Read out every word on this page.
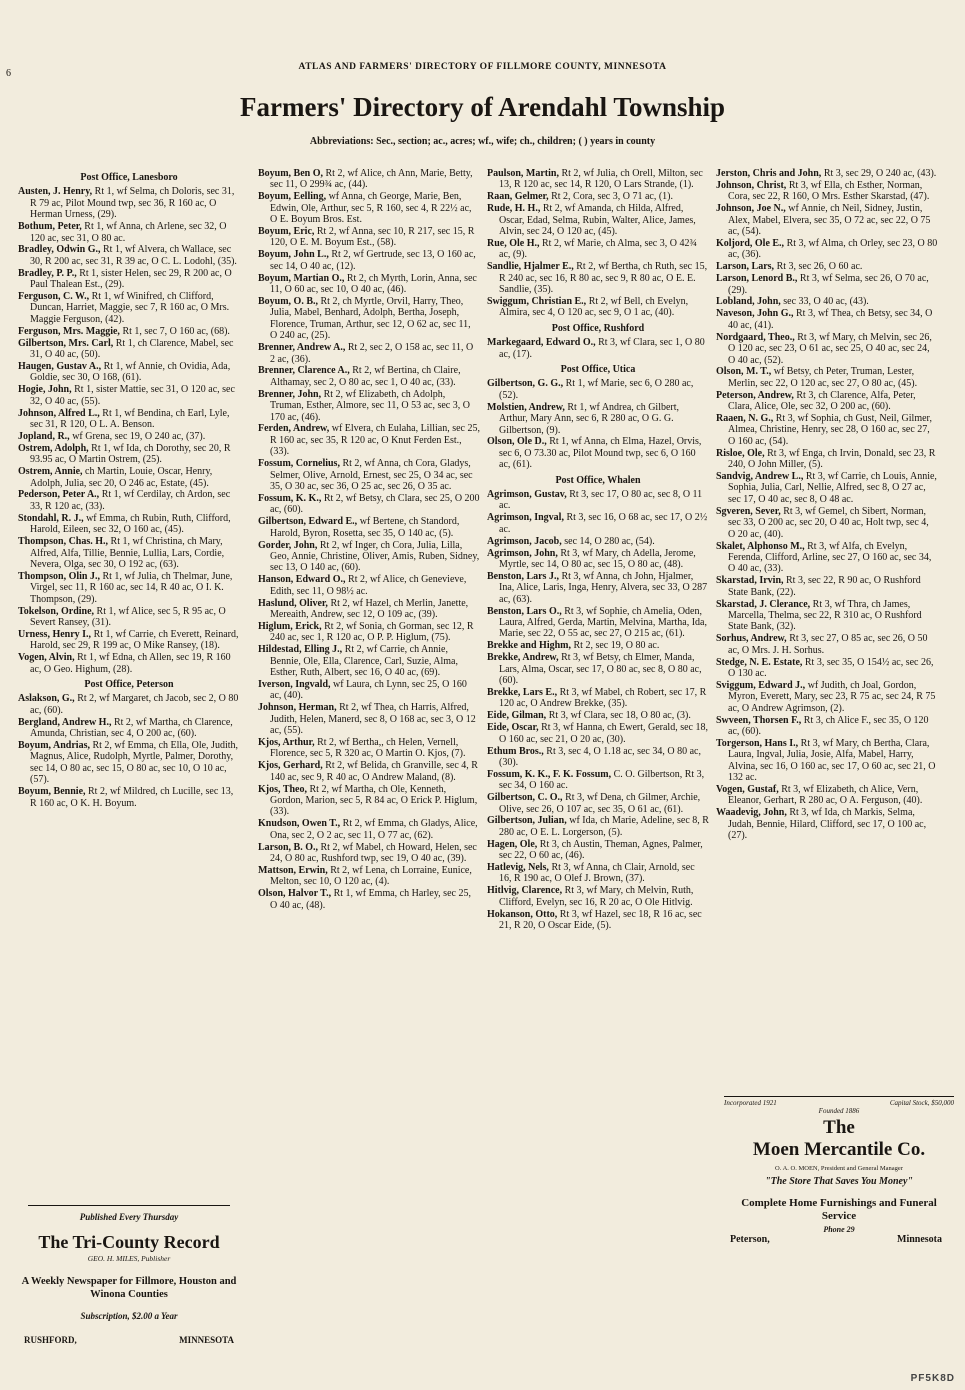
6
ATLAS AND FARMERS' DIRECTORY OF FILLMORE COUNTY, MINNESOTA
Farmers' Directory of Arendahl Township
Abbreviations: Sec., section; ac., acres; wf., wife; ch., children; ( ) years in county
Post Office, Lanesboro
Austen, J. Henry, Rt 1, wf Selma, ch Doloris, sec 31, R 79 ac, Pilot Mound twp, sec 36, R 160 ac, O Herman Urness, (29).
Bothum, Peter, Rt 1, wf Anna, ch Arlene, sec 32, O 120 ac, sec 31, O 80 ac.
Bradley, Odwin G., Rt 1, wf Alvera, ch Wallace, sec 30, R 200 ac, sec 31, R 39 ac, O C. L. Lodohl, (35).
Bradley, P. P., Rt 1, sister Helen, sec 29, R 200 ac, O Paul Thalean Est., (29).
Ferguson, C. W., Rt 1, wf Winifred, ch Clifford, Duncan, Harriet, Maggie, sec 7, R 160 ac, O Mrs. Maggie Ferguson, (42).
Ferguson, Mrs. Maggie, Rt 1, sec 7, O 160 ac, (68).
Gilbertson, Mrs. Carl, Rt 1, ch Clarence, Mabel, sec 31, O 40 ac, (50).
Haugen, Gustav A., Rt 1, wf Annie, ch Ovidia, Ada, Goldie, sec 30, O 168, (61).
Hogie, John, Rt 1, sister Mattie, sec 31, O 120 ac, sec 32, O 40 ac, (55).
Johnson, Alfred L., Rt 1, wf Bendina, ch Earl, Lyle, sec 31, R 120, O L. A. Benson.
Jopland, R., wf Grena, sec 19, O 240 ac, (37).
Ostrem, Adolph, Rt 1, wf Ida, ch Dorothy, sec 20, R 93.95 ac, O Martin Ostrem, (25).
Ostrem, Annie, ch Martin, Louie, Oscar, Henry, Adolph, Julia, sec 20, O 246 ac, Estate, (45).
Pederson, Peter A., Rt 1, wf Cerdilay, ch Ardon, sec 33, R 120 ac, (33).
Stondahl, R. J., wf Emma, ch Rubin, Ruth, Clifford, Harold, Eileen, sec 32, O 160 ac, (45).
Thompson, Chas. H., Rt 1, wf Christina, ch Mary, Alfred, Alfa, Tillie, Bennie, Lullia, Lars, Cordie, Nevera, Olga, sec 30, O 192 ac, (63).
Thompson, Olin J., Rt 1, wf Julia, ch Thelmar, June, Virgel, sec 11, R 160 ac, sec 14, R 40 ac, O I. K. Thompson, (29).
Tokelson, Ordine, Rt 1, wf Alice, sec 5, R 95 ac, O Severt Ransey, (31).
Urness, Henry I., Rt 1, wf Carrie, ch Everett, Reinard, Harold, sec 29, R 199 ac, O Mike Ransey, (18).
Vogen, Alvin, Rt 1, wf Edna, ch Allen, sec 19, R 160 ac, O Geo. Highum, (28).
Post Office, Peterson
Aslakson, G., Rt 2, wf Margaret, ch Jacob, sec 2, O 80 ac, (60).
Bergland, Andrew H., Rt 2, wf Martha, ch Clarence, Amunda, Christian, sec 4, O 200 ac, (60).
Boyum, Andrias, Rt 2, wf Emma, ch Ella, Ole, Judith, Magnus, Alice, Rudolph, Myrtle, Palmer, Dorothy, sec 14, O 80 ac, sec 15, O 80 ac, sec 10, O 10 ac, (57).
Boyum, Bennie, Rt 2, wf Mildred, ch Lucille, sec 13, R 160 ac, O K. H. Boyum.
Boyum, Ben O, Rt 2, wf Alice, ch Ann, Marie, Betty, sec 11, O 299¾ ac, (44).
Boyum, Eelling, wf Anna, ch George, Marie, Ben, Edwin, Ole, Arthur, sec 5, R 160, sec 4, R 22½ ac, O E. Boyum Bros. Est.
Boyum, Eric, Rt 2, wf Anna, sec 10, R 217, sec 15, R 120, O E. M. Boyum Est., (58).
Boyum, John L., Rt 2, wf Gertrude, sec 13, O 160 ac, sec 14, O 40 ac, (12).
Boyum, Martian O., Rt 2, ch Myrth, Lorin, Anna, sec 11, O 60 ac, sec 10, O 40 ac, (46).
Boyum, O. B., Rt 2, ch Myrtle, Orvil, Harry, Theo, Julia, Mabel, Benhard, Adolph, Bertha, Joseph, Florence, Truman, Arthur, sec 12, O 62 ac, sec 11, O 240 ac, (25).
Brenner, Andrew A., Rt 2, sec 2, O 158 ac, sec 11, O 2 ac, (36).
Brenner, Clarence A., Rt 2, wf Bertina, ch Claire, Althamay, sec 2, O 80 ac, sec 1, O 40 ac, (33).
Brenner, John, Rt 2, wf Elizabeth, ch Adolph, Truman, Esther, Almore, sec 11, O 53 ac, sec 3, O 170 ac, (46).
Ferden, Andrew, wf Elvera, ch Eulaha, Lillian, sec 25, R 160 ac, sec 35, R 120 ac, O Knut Ferden Est., (33).
Fossum, Cornelius, Rt 2, wf Anna, ch Cora, Gladys, Selmer, Olive, Arnold, Ernest, sec 25, O 34 ac, sec 35, O 30 ac, sec 36, O 25 ac, sec 26, O 35 ac.
Fossum, K. K., Rt 2, wf Betsy, ch Clara, sec 25, O 200 ac, (60).
Gilbertson, Edward E., wf Bertene, ch Standord, Harold, Byron, Rosetta, sec 35, O 140 ac, (5).
Gorder, John, Rt 2, wf Inger, ch Cora, Julia, Lilla, Geo, Annie, Christine, Oliver, Amis, Ruben, Sidney, sec 13, O 140 ac, (60).
Hanson, Edward O., Rt 2, wf Alice, ch Genevieve, Edith, sec 11, O 98½ ac.
Haslund, Oliver, Rt 2, wf Hazel, ch Merlin, Janette, Mereaith, Andrew, sec 12, O 109 ac, (39).
Higlum, Erick, Rt 2, wf Sonia, ch Gorman, sec 12, R 240 ac, sec 1, R 120 ac, O P. P. Higlum, (75).
Hildestad, Elling J., Rt 2, wf Carrie, ch Annie, Bennie, Ole, Ella, Clarence, Carl, Suzie, Alma, Esther, Ruth, Albert, sec 16, O 40 ac, (69).
Iverson, Ingvald, wf Laura, ch Lynn, sec 25, O 160 ac, (40).
Johnson, Herman, Rt 2, wf Thea, ch Harris, Alfred, Judith, Helen, Manerd, sec 8, O 168 ac, sec 3, O 12 ac, (55).
Kjos, Arthur, Rt 2, wf Bertha,, ch Helen, Vernell, Florence, sec 5, R 320 ac, O Martin O. Kjos, (7).
Kjos, Gerhard, Rt 2, wf Belida, ch Granville, sec 4, R 140 ac, sec 9, R 40 ac, O Andrew Maland, (8).
Kjos, Theo, Rt 2, wf Martha, ch Ole, Kenneth, Gordon, Marion, sec 5, R 84 ac, O Erick P. Higlum, (33).
Knudson, Owen T., Rt 2, wf Emma, ch Gladys, Alice, Ona, sec 2, O 2 ac, sec 11, O 77 ac, (62).
Larson, B. O., Rt 2, wf Mabel, ch Howard, Helen, sec 24, O 80 ac, Rushford twp, sec 19, O 40 ac, (39).
Mattson, Erwin, Rt 2, wf Lena, ch Lorraine, Eunice, Melton, sec 10, O 120 ac, (4).
Olson, Halvor T., Rt 1, wf Emma, ch Harley, sec 25, O 40 ac, (48).
Paulson, Martin, Rt 2, wf Julia, ch Orell, Milton, sec 13, R 120 ac, sec 14, R 120, O Lars Strande, (1).
Raan, Gelmer, Rt 2, Cora, sec 3, O 71 ac, (1).
Rude, H. H., Rt 2, wf Amanda, ch Hilda, Alfred, Oscar, Edad, Selma, Rubin, Walter, Alice, James, Alvin, sec 24, O 120 ac, (45).
Rue, Ole H., Rt 2, wf Marie, ch Alma, sec 3, O 42¾ ac, (9).
Sandlie, Hjalmer E., Rt 2, wf Bertha, ch Ruth, sec 15, R 240 ac, sec 16, R 80 ac, sec 9, R 80 ac, O E. E. Sandlie, (35).
Swiggum, Christian E., Rt 2, wf Bell, ch Evelyn, Almira, sec 4, O 120 ac, sec 9, O 1 ac, (40).
Post Office, Rushford
Markegaard, Edward O., Rt 3, wf Clara, sec 1, O 80 ac, (17).
Post Office, Utica
Gilbertson, G. G., Rt 1, wf Marie, sec 6, O 280 ac, (52).
Molstien, Andrew, Rt 1, wf Andrea, ch Gilbert, Arthur, Mary Ann, sec 6, R 280 ac, O G. G. Gilbertson, (9).
Olson, Ole D., Rt 1, wf Anna, ch Elma, Hazel, Orvis, sec 6, O 73.30 ac, Pilot Mound twp, sec 6, O 160 ac, (61).
Post Office, Whalen
Agrimson, Gustav, Rt 3, sec 17, O 80 ac, sec 8, O 11 ac.
Agrimson, Ingval, Rt 3, sec 16, O 68 ac, sec 17, O 2½ ac.
Agrimson, Jacob, sec 14, O 280 ac, (54).
Agrimson, John, Rt 3, wf Mary, ch Adella, Jerome, Myrtle, sec 14, O 80 ac, sec 15, O 80 ac, (48).
Benston, Lars J., Rt 3, wf Anna, ch John, Hjalmer, Ina, Alice, Laris, Inga, Henry, Alvera, sec 33, O 287 ac, (63).
Benston, Lars O., Rt 3, wf Sophie, ch Amelia, Oden, Laura, Alfred, Gerda, Martin, Melvina, Martha, Ida, Marie, sec 22, O 55 ac, sec 27, O 215 ac, (61).
Brekke and Highm, Rt 2, sec 19, O 80 ac.
Brekke, Andrew, Rt 3, wf Betsy, ch Elmer, Manda, Lars, Alma, Oscar, sec 17, O 80 ac, sec 8, O 80 ac, (60).
Brekke, Lars E., Rt 3, wf Mabel, ch Robert, sec 17, R 120 ac, O Andrew Brekke, (35).
Eide, Gilman, Rt 3, wf Clara, sec 18, O 80 ac, (3).
Eide, Oscar, Rt 3, wf Hanna, ch Ewert, Gerald, sec 18, O 160 ac, sec 21, O 20 ac, (30).
Ethum Bros., Rt 3, sec 4, O 1.18 ac, sec 34, O 80 ac, (30).
Fossum, K. K., F. K. Fossum, C. O. Gilbertson, Rt 3, sec 34, O 160 ac.
Gilbertson, C. O., Rt 3, wf Dena, ch Gilmer, Archie, Olive, sec 26, O 107 ac, sec 35, O 61 ac, (61).
Gilbertson, Julian, wf Ida, ch Marie, Adeline, sec 8, R 280 ac, O E. L. Lorgerson, (5).
Hagen, Ole, Rt 3, ch Austin, Theman, Agnes, Palmer, sec 22, O 60 ac, (46).
Hatlevig, Nels, Rt 3, wf Anna, ch Clair, Arnold, sec 16, R 190 ac, O Olef J. Brown, (37).
Hitlvig, Clarence, Rt 3, wf Mary, ch Melvin, Ruth, Clifford, Evelyn, sec 16, R 20 ac, O Ole Hitlvig.
Hokanson, Otto, Rt 3, wf Hazel, sec 18, R 16 ac, sec 21, R 20, O Oscar Eide, (5).
Jerston, Chris and John, Rt 3, sec 29, O 240 ac, (43).
Johnson, Christ, Rt 3, wf Ella, ch Esther, Norman, Cora, sec 22, R 160, O Mrs. Esther Skarstad, (47).
Johnson, Joe N., wf Annie, ch Neil, Sidney, Justin, Alex, Mabel, Elvera, sec 35, O 72 ac, sec 22, O 75 ac, (54).
Koljord, Ole E., Rt 3, wf Alma, ch Orley, sec 23, O 80 ac, (36).
Larson, Lars, Rt 3, sec 26, O 60 ac.
Larson, Lenord B., Rt 3, wf Selma, sec 26, O 70 ac, (29).
Lobland, John, sec 33, O 40 ac, (43).
Naveson, John G., Rt 3, wf Thea, ch Betsy, sec 34, O 40 ac, (41).
Nordgaard, Theo., Rt 3, wf Mary, ch Melvin, sec 26, O 120 ac, sec 23, O 61 ac, sec 25, O 40 ac, sec 24, O 40 ac, (52).
Olson, M. T., wf Betsy, ch Peter, Truman, Lester, Merlin, sec 22, O 120 ac, sec 27, O 80 ac, (45).
Peterson, Andrew, Rt 3, ch Clarence, Alfa, Peter, Clara, Alice, Ole, sec 32, O 200 ac, (60).
Raaen, N. G., Rt 3, wf Sophia, ch Gust, Neil, Gilmer, Almea, Christine, Henry, sec 28, O 160 ac, sec 27, O 160 ac, (54).
Risloe, Ole, Rt 3, wf Enga, ch Irvin, Donald, sec 23, R 240, O John Miller, (5).
Sandvig, Andrew L., Rt 3, wf Carrie, ch Louis, Annie, Sophia, Julia, Carl, Nellie, Alfred, sec 8, O 27 ac, sec 17, O 40 ac, sec 8, O 48 ac.
Sgveren, Sever, Rt 3, wf Gemel, ch Sibert, Norman, sec 33, O 200 ac, sec 20, O 40 ac, Holt twp, sec 4, O 20 ac, (40).
Skalet, Alphonso M., Rt 3, wf Alfa, ch Evelyn, Ferenda, Clifford, Arline, sec 27, O 160 ac, sec 34, O 40 ac, (33).
Skarstad, Irvin, Rt 3, sec 22, R 90 ac, O Rushford State Bank, (22).
Skarstad, J. Clerance, Rt 3, wf Thra, ch James, Marcella, Thelma, sec 22, R 310 ac, O Rushford State Bank, (32).
Sorhus, Andrew, Rt 3, sec 27, O 85 ac, sec 26, O 50 ac, O Mrs. J. H. Sorhus.
Stedge, N. E. Estate, Rt 3, sec 35, O 154½ ac, sec 26, O 130 ac.
Sviggum, Edward J., wf Judith, ch Joal, Gordon, Myron, Everett, Mary, sec 23, R 75 ac, sec 24, R 75 ac, O Andrew Agrimson, (2).
Swveen, Thorsen F., Rt 3, ch Alice F., sec 35, O 120 ac, (60).
Torgerson, Hans I., Rt 3, wf Mary, ch Bertha, Clara, Laura, Ingval, Julia, Josie, Alfa, Mabel, Harry, Alvina, sec 16, O 160 ac, sec 17, O 60 ac, sec 21, O 132 ac.
Vogen, Gustaf, Rt 3, wf Elizabeth, ch Alice, Vern, Eleanor, Gerhart, R 280 ac, O A. Ferguson, (40).
Waadevig, John, Rt 3, wf Ida, ch Markis, Selma, Judah, Bennie, Hilard, Clifford, sec 17, O 100 ac, (27).
Published Every Thursday
The Tri-County Record
GEO. H. MILES, Publisher
A Weekly Newspaper for Fillmore, Houston and Winona Counties
Subscription, $2.00 a Year
RUSHFORD,	MINNESOTA
Incorporated 1921	Capital Stock, $50,000
Founded 1886
The
Moen Mercantile Co.
O. A. O. MOEN, President and General Manager
"The Store That Saves You Money"
Complete Home Furnishings and Funeral Service
Phone 29
Peterson,	Minnesota
PF5K8D
